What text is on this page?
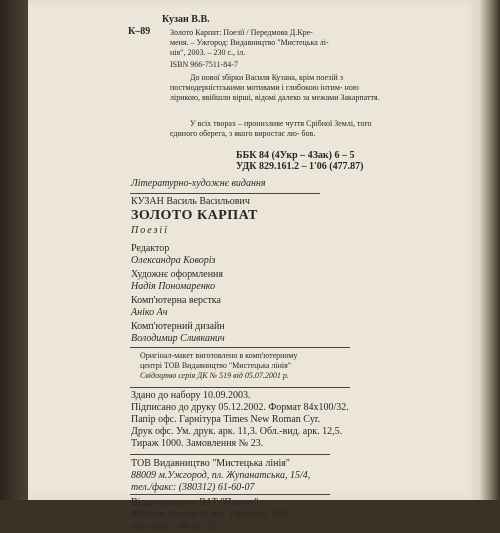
Кузан В.В.
К–89 Золото Карпат: Поезії / Передмова Д.Кре-
меня. – Ужгород: Видавництво "Мистецька лі-
нія", 2003. – 230 с., іл.
ISBN 966-7511-84-7
До нової збірки Василя Кузана, крім поезій з постмодерністськими мотивами і глибокою інтим- ною лірикою, ввійшли вірші, відомі далеко за межами Закарпаття.
У всіх творах – пронизливе чуття Срібної Землі, того єдиного оберега, з якого виростає лю- бов.
ББК 84 (4Укр – 4Зак) 6 – 5
УДК 829.161.2 – 1'06 (477.87)
Літературно-художнє видання
КУЗАН Василь Васильович
ЗОЛОТО КАРПАТ
Поезії
Редактор
Олександра Коворіз
Художнє оформлення
Надія Пономаренко
Комп'ютерна верстка
Аніко Ач
Комп'ютерний дизайн
Володимир Сливканич
Оригінал-макет виготовлено в комп'ютерному
центрі ТОВ Видавництво "Мистецька лінія"
Свідоцтво серія ДК № 519 від 05.07.2001 р.
Здано до набору 10.09.2003.
Підписано до друку 05.12.2002. Формат 84х100/32.
Папір офс. Гарнітура Times New Roman Cyr.
Друк офс. Ум. друк. арк. 11,3. Обл.-вид. арк. 12,5.
Тираж 1000. Замовлення № 23.
ТОВ Видавництво "Мистецька лінія"
88009 м.Ужгород, пл. Жупанатська, 15/4,
тел./факс: (380312) 61-60-07
Віддруковано у ВАТ "Патент":
88006 м.Ужгород, вул. Гагаріна, 101
тел./факс: 66-02-22
